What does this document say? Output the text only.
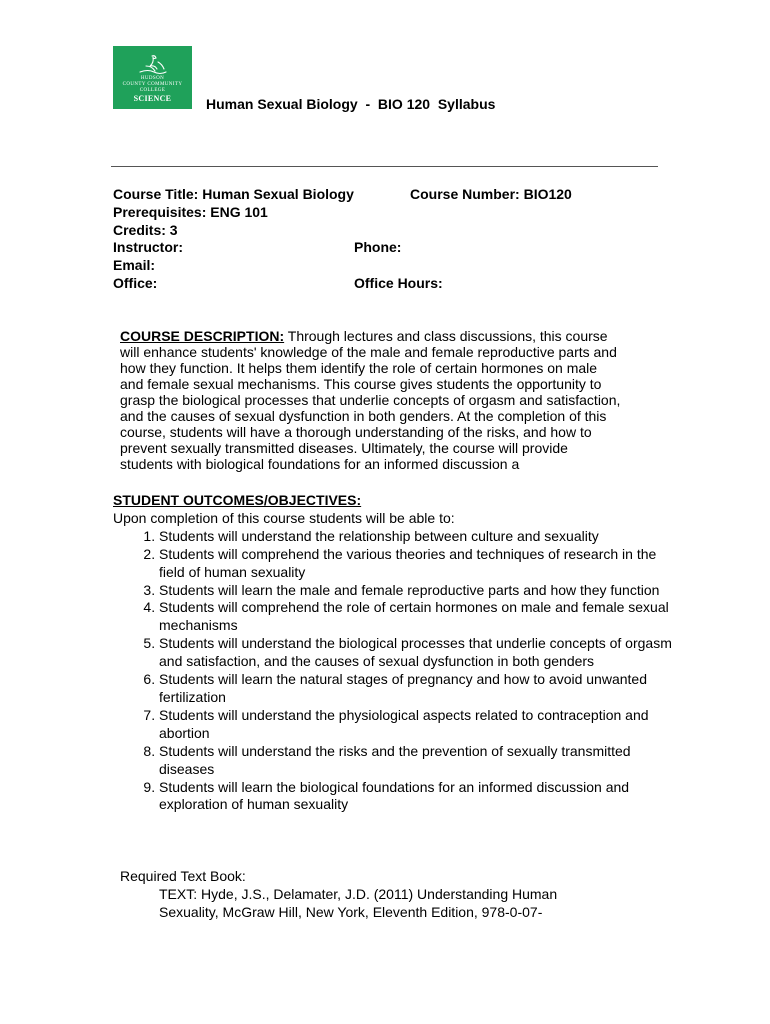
HUDSON
COUNTY COMMUNITY COLLEGE
SCIENCE Human Sexual Biology  -  BIO 120  Syllabus
Course Title: Human Sexual Biology	Course Number: BIO120
Prerequisites: ENG 101
Credits: 3
Instructor:	Phone:
Email:
Office:	Office Hours:
COURSE DESCRIPTION: Through lectures and class discussions, this course
will enhance students' knowledge of the male and female reproductive parts and
how they function. It helps them identify the role of certain hormones on male
and female sexual mechanisms. This course gives students the opportunity to
grasp the biological processes that underlie concepts of orgasm and satisfaction,
and the causes of sexual dysfunction in both genders. At the completion of this
course, students will have a thorough understanding of the risks, and how to
prevent sexually transmitted diseases. Ultimately, the course will provide
students with biological foundations for an informed discussion a
STUDENT OUTCOMES/OBJECTIVES:
Upon completion of this course students will be able to:
1. Students will understand the relationship between culture and sexuality
2. Students will comprehend the various theories and techniques of research in the field of human sexuality
3. Students will learn the male and female reproductive parts and how they function
4. Students will comprehend the role of certain hormones on male and female sexual mechanisms
5. Students will understand the biological processes that underlie concepts of orgasm and satisfaction, and the causes of sexual dysfunction in both genders
6. Students will learn the natural stages of pregnancy and how to avoid unwanted fertilization
7. Students will understand the physiological aspects related to contraception and abortion
8. Students will understand the risks and the prevention of sexually transmitted diseases
9. Students will learn the biological foundations for an informed discussion and exploration of human sexuality
Required Text Book:
TEXT: Hyde, J.S., Delamater, J.D. (2011) Understanding Human
Sexuality, McGraw Hill, New York, Eleventh Edition, 978-0-07-
